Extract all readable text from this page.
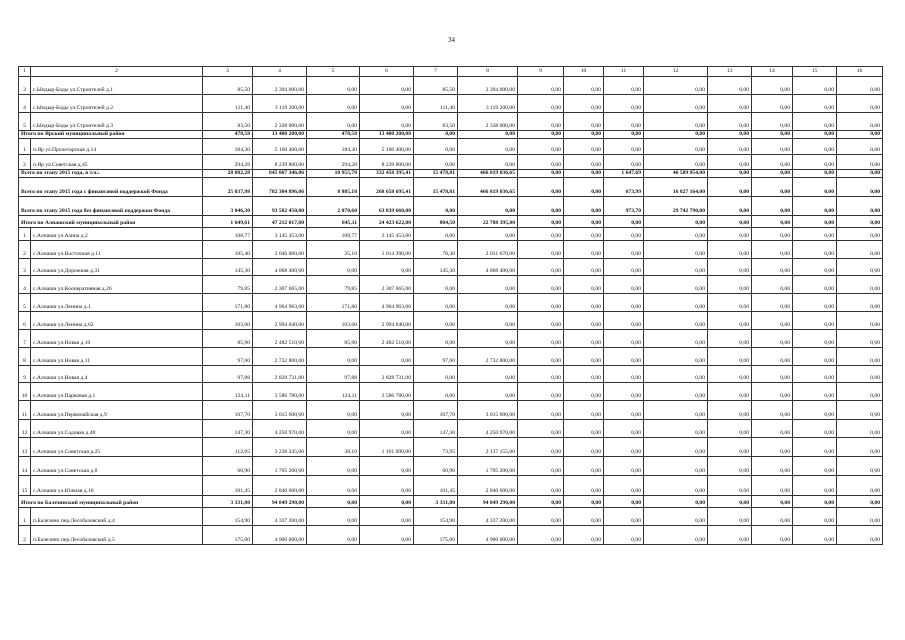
34
1	2	3	4	5	6	7	8	9	10	11	12	13	14	15	16
3	с.Ындыр-Боды ул.Строителей д.1	85,50	2 394 000,00	0,00	0,00	85,50	2 394 000,00	0,00	0,00	0,00	0,00	0,00	0,00	0,00	0,00
4	с.Ындыр-Боды ул.Строителей д.2	111,40	3 119 200,00	0,00	0,00	111,40	3 119 200,00	0,00	0,00	0,00	0,00	0,00	0,00	0,00	0,00
5	с.Ындыр-Боды ул.Строителей д.3	83,50	2 338 000,00	0,00	0,00	83,50	2 338 000,00	0,00	0,00	0,00	0,00	0,00	0,00	0,00	0,00
Итого по Ярский муниципальный район		478,58	13 400 200,00	478,58	13 400 200,00	0,00	0,00	0,00	0,00	0,00	0,00	0,00	0,00	0,00	0,00
1	п.Яр ул.Пролетарская д.14	184,30	5 160 400,00	184,30	5 160 400,00	0,00	0,00	0,00	0,00	0,00	0,00	0,00	0,00	0,00	0,00
2	п.Яр ул.Советская д.45	294,28	8 239 800,00	294,28	8 239 800,00	0,00	0,00	0,00	0,00	0,00	0,00	0,00	0,00	0,00	0,00
Всего по этапу 2015 года, в т.ч.:		28 082,28	845 867 346,06	10 955,78	332 458 395,41	15 478,81	466 819 036,65	0,00	0,00	1 647,69	46 589 954,00	0,00	0,00	0,00	0,00
Всего по этапу 2015 года с финансовой поддержкой Фонда		25 037,98	782 304 896,06	8 885,18	268 658 695,41	15 478,81	466 819 036,65	0,00	0,00	673,99	16 827 164,00	0,00	0,00	0,00	0,00
Всего по этапу 2015 года без финансовой поддержки Фонда		3 046,30	93 582 450,00	2 070,60	63 839 660,00	0,00	0,00	0,00	0,00	973,70	29 742 790,00	0,00	0,00	0,00	0,00
Итого по Алнашский муниципальный район		1 649,61	47 212 017,00	845,11	24 423 622,00	804,50	22 788 395,00	0,00	0,00	0,00	0,00	0,00	0,00	0,00	0,00
1	с.Алнаши ул.Азина д.2	108,77	3 145 453,00	108,77	3 145 453,00	0,00	0,00	0,00	0,00	0,00	0,00	0,00	0,00	0,00	0,00
2	с.Алнаши ул.Восточная д.11	105,40	3 046 060,00	35,10	1 014 390,00	70,30	2 031 670,00	0,00	0,00	0,00	0,00	0,00	0,00	0,00	0,00
3	с.Алнаши ул.Дорожная д.31	145,30	4 068 400,00	0,00	0,00	145,30	4 068 400,00	0,00	0,00	0,00	0,00	0,00	0,00	0,00	0,00
4	с.Алнаши ул.Кооперативная д.26	79,85	2 307 665,00	79,85	2 307 665,00	0,00	0,00	0,00	0,00	0,00	0,00	0,00	0,00	0,00	0,00
5	с.Алнаши ул.Ленина д.1	171,80	4 964 963,00	171,80	4 964 963,00	0,00	0,00	0,00	0,00	0,00	0,00	0,00	0,00	0,00	0,00
6	с.Алнаши ул.Ленина д.62	103,60	2 994 040,00	103,60	2 994 040,00	0,00	0,00	0,00	0,00	0,00	0,00	0,00	0,00	0,00	0,00
7	с.Алнаши ул.Новая д.10	85,90	2 482 510,00	85,90	2 482 510,00	0,00	0,00	0,00	0,00	0,00	0,00	0,00	0,00	0,00	0,00
8	с.Алнаши ул.Новая д.11	97,60	2 732 800,00	0,00	0,00	97,60	2 732 800,00	0,00	0,00	0,00	0,00	0,00	0,00	0,00	0,00
9	с.Алнаши ул.Новая д.4	97,88	2 828 731,00	97,88	2 828 731,00	0,00	0,00	0,00	0,00	0,00	0,00	0,00	0,00	0,00	0,00
10	с.Алнаши ул.Парковая д.1	124,11	3 586 780,00	124,11	3 586 780,00	0,00	0,00	0,00	0,00	0,00	0,00	0,00	0,00	0,00	0,00
11	с.Алнаши ул.Первомайская д.9	107,70	3 015 600,00	0,00	0,00	107,70	3 015 600,00	0,00	0,00	0,00	0,00	0,00	0,00	0,00	0,00
12	с.Алнаши ул.Садовая д.48	147,30	4 250 970,00	0,00	0,00	147,30	4 250 970,00	0,00	0,00	0,00	0,00	0,00	0,00	0,00	0,00
13	с.Алнаши ул.Советская д.25	112,05	3 238 245,00	38,10	1 101 090,00	73,95	2 137 155,00	0,00	0,00	0,00	0,00	0,00	0,00	0,00	0,00
14	с.Алнаши ул.Советская д.8	60,90	1 705 200,00	0,00	0,00	60,90	1 705 200,00	0,00	0,00	0,00	0,00	0,00	0,00	0,00	0,00
15	с.Алнаши ул.Южная д.10	101,45	2 840 600,00	0,00	0,00	101,45	2 840 600,00	0,00	0,00	0,00	0,00	0,00	0,00	0,00	0,00
Итого по Балезинский муниципальный район		3 331,80	94 849 290,00	0,00	0,00	3 331,80	94 849 290,00	0,00	0,00	0,00	0,00	0,00	0,00	0,00	0,00
1	п.Балезино пер.Лесобазовский д.4	154,90	4 337 200,00	0,00	0,00	154,90	4 337 200,00	0,00	0,00	0,00	0,00	0,00	0,00	0,00	0,00
2	п.Балезино пер.Лесобазовский д.5	175,00	4 900 000,00	0,00	0,00	175,00	4 900 000,00	0,00	0,00	0,00	0,00	0,00	0,00	0,00	0,00
